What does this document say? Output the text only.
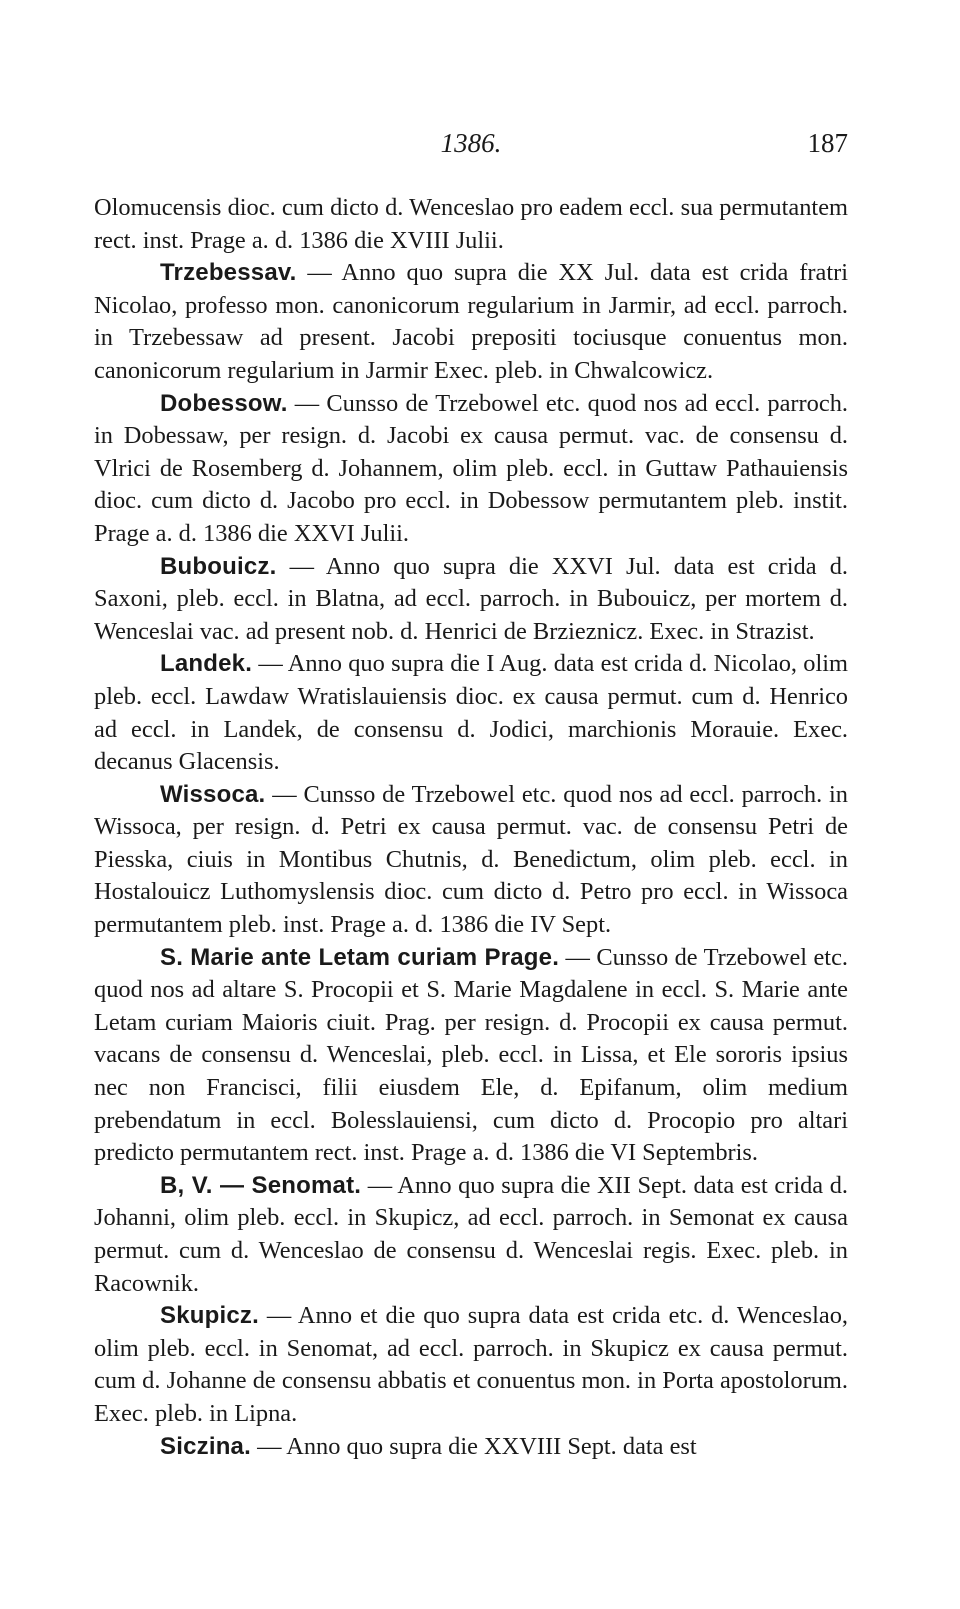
1386.	187

Olomucensis dioc. cum dicto d. Wenceslao pro eadem eccl. sua permutantem rect. inst. Prage a. d. 1386 die XVIII Julii.

Trzebessav. — Anno quo supra die XX Jul. data est crida fratri Nicolao, professo mon. canonicorum regularium in Jarmir, ad eccl. parroch. in Trzebessaw ad present. Jacobi prepositi tociusque conuentus mon. canonicorum regularium in Jarmir Exec. pleb. in Chwalcowicz.

Dobessow. — Cunsso de Trzebowel etc. quod nos ad eccl. parroch. in Dobessaw, per resign. d. Jacobi ex causa permut. vac. de consensu d. Vlrici de Rosemberg d. Johannem, olim pleb. eccl. in Guttaw Pathauiensis dioc. cum dicto d. Jacobo pro eccl. in Dobessow permutantem pleb. instit. Prage a. d. 1386 die XXVI Julii.

Bubouicz. — Anno quo supra die XXVI Jul. data est crida d. Saxoni, pleb. eccl. in Blatna, ad eccl. parroch. in Bubouicz, per mortem d. Wenceslai vac. ad present nob. d. Henrici de Brzieznicz. Exec. in Strazist.

Landek. — Anno quo supra die I Aug. data est crida d. Nicolao, olim pleb. eccl. Lawdaw Wratislauiensis dioc. ex causa permut. cum d. Henrico ad eccl. in Landek, de consensu d. Jodici, marchionis Morauie. Exec. decanus Glacensis.

Wissoca. — Cunsso de Trzebowel etc. quod nos ad eccl. parroch. in Wissoca, per resign. d. Petri ex causa permut. vac. de consensu Petri de Piesska, ciuis in Montibus Chutnis, d. Benedictum, olim pleb. eccl. in Hostalouicz Luthomyslensis dioc. cum dicto d. Petro pro eccl. in Wissoca permutantem pleb. inst. Prage a. d. 1386 die IV Sept.

S. Marie ante Letam curiam Prage. — Cunsso de Trzebowel etc. quod nos ad altare S. Procopii et S. Marie Magdalene in eccl. S. Marie ante Letam curiam Maioris ciuit. Prag. per resign. d. Procopii ex causa permut. vacans de consensu d. Wenceslai, pleb. eccl. in Lissa, et Ele sororis ipsius nec non Francisci, filii eiusdem Ele, d. Epifanum, olim medium prebendatum in eccl. Bolesslauiensi, cum dicto d. Procopio pro altari predicto permutantem rect. inst. Prage a. d. 1386 die VI Septembris.

B, V. — Senomat. — Anno quo supra die XII Sept. data est crida d. Johanni, olim pleb. eccl. in Skupicz, ad eccl. parroch. in Semonat ex causa permut. cum d. Wenceslao de consensu d. Wenceslai regis. Exec. pleb. in Racownik.

Skupicz. — Anno et die quo supra data est crida etc. d. Wenceslao, olim pleb. eccl. in Senomat, ad eccl. parroch. in Skupicz ex causa permut. cum d. Johanne de consensu abbatis et conuentus mon. in Porta apostolorum. Exec. pleb. in Lipna.

Siczina. — Anno quo supra die XXVIII Sept. data est
